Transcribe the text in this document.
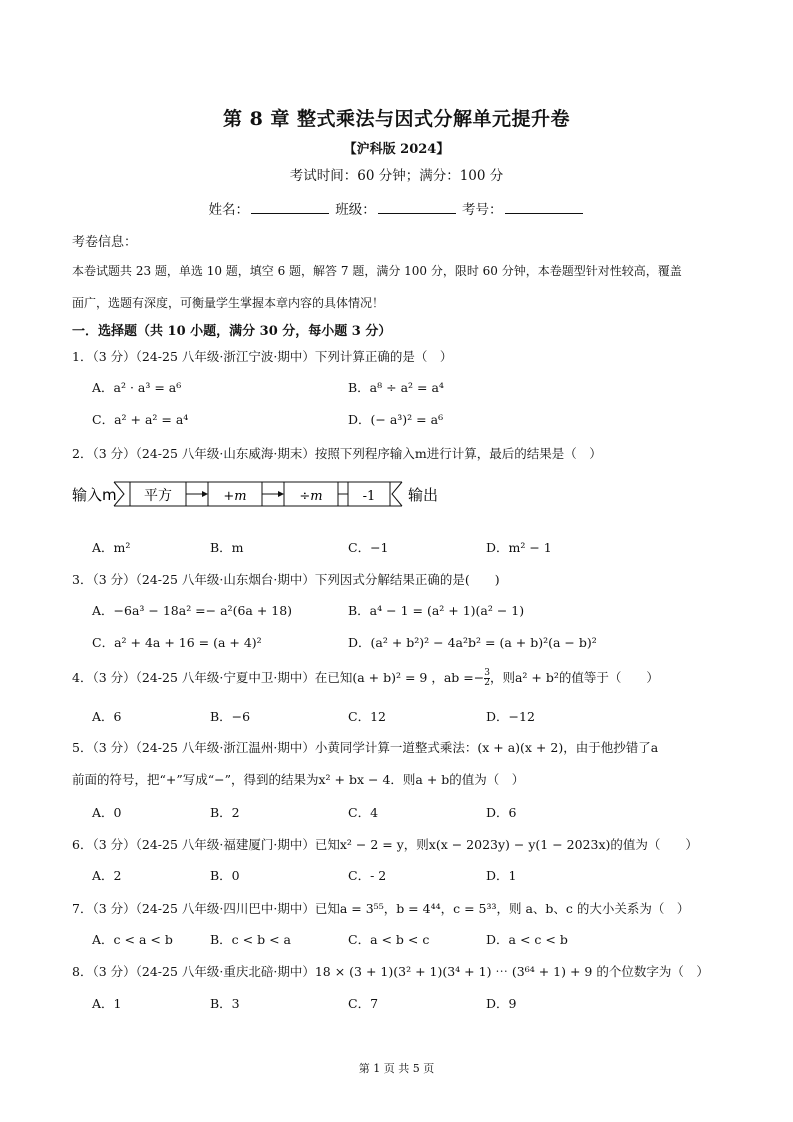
第 8 章 整式乘法与因式分解单元提升卷
【沪科版 2024】
考试时间：60 分钟；满分：100 分
姓名：	班级：	考号：
考卷信息：
本卷试题共 23 题，单选 10 题，填空 6 题，解答 7 题，满分 100 分，限时 60 分钟，本卷题型针对性较高，覆盖
面广，选题有深度，可衡量学生掌握本章内容的具体情况！
一．选择题（共 10 小题，满分 30 分，每小题 3 分）
1．（3 分）（24-25 八年级·浙江宁波·期中）下列计算正确的是（　）
A．a² · a³ = a⁶	B．a⁸ ÷ a² = a⁴
C．a² + a² = a⁴	D．(− a³)² = a⁶
2．（3 分）（24-25 八年级·山东威海·期末）按照下列程序输入m进行计算，最后的结果是（　）
输入m 平方	+m	÷m	-1 输出
A．m²	B．m	C．−1	D．m² − 1
3．（3 分）（24-25 八年级·山东烟台·期中）下列因式分解结果正确的是(　　)
A．−6a³ − 18a² =− a²(6a + 18)	B．a⁴ − 1 = (a² + 1)(a² − 1)
C．a² + 4a + 16 = (a + 4)²	D．(a² + b²)² − 4a²b² = (a + b)²(a − b)²
4．（3 分）（24-25 八年级·宁夏中卫·期中）在已知(a + b)² = 9 ，ab =− $\frac{3}{2}$ ，则a² + b²的值等于（　　）
A．6	B．−6	C．12	D．−12
5．（3 分）（24-25 八年级·浙江温州·期中）小黄同学计算一道整式乘法：(x + a)(x + 2)，由于他抄错了a
前面的符号，把“+”写成“−”，得到的结果为x² + bx − 4．则a + b的值为（　）
A．0	B．2	C．4	D．6
6．（3 分）（24-25 八年级·福建厦门·期中）已知x² − 2 = y，则x(x − 2023y) − y(1 − 2023x)的值为（　　）
A．2	B．0	C．- 2	D．1
7．（3 分）（24-25 八年级·四川巴中·期中）已知a = 3⁵⁵，b = 4⁴⁴，c = 5³³，则 a、b、c 的大小关系为（　）
A．c < a < b	B．c < b < a	C．a < b < c	D．a < c < b
8．（3 分）（24-25 八年级·重庆北碚·期中）18 × (3 + 1)(3² + 1)(3⁴ + 1) ⋯ (3⁶⁴ + 1) + 9 的个位数字为（　）
A．1	B．3	C．7	D．9
第 1 页 共 5 页
